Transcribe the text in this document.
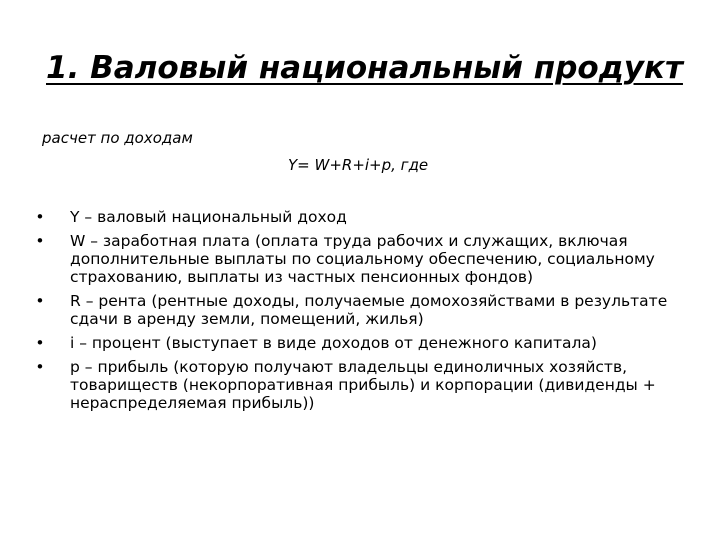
1. Валовый национальный продукт
расчет по доходам
Y= W+R+i+p, где
• Y – валовый национальный доход
• W – заработная плата (оплата труда рабочих и служащих, включая дополнительные выплаты по социальному обеспечению, социальному страхованию, выплаты из частных пенсионных фондов)
• R – рента (рентные доходы, получаемые домохозяйствами в результате сдачи в аренду земли, помещений, жилья)
• i – процент (выступает в виде доходов от денежного капитала)
• p – прибыль (которую получают владельцы единоличных хозяйств, товариществ (некорпоративная прибыль) и корпорации (дивиденды + нераспределяемая прибыль))
